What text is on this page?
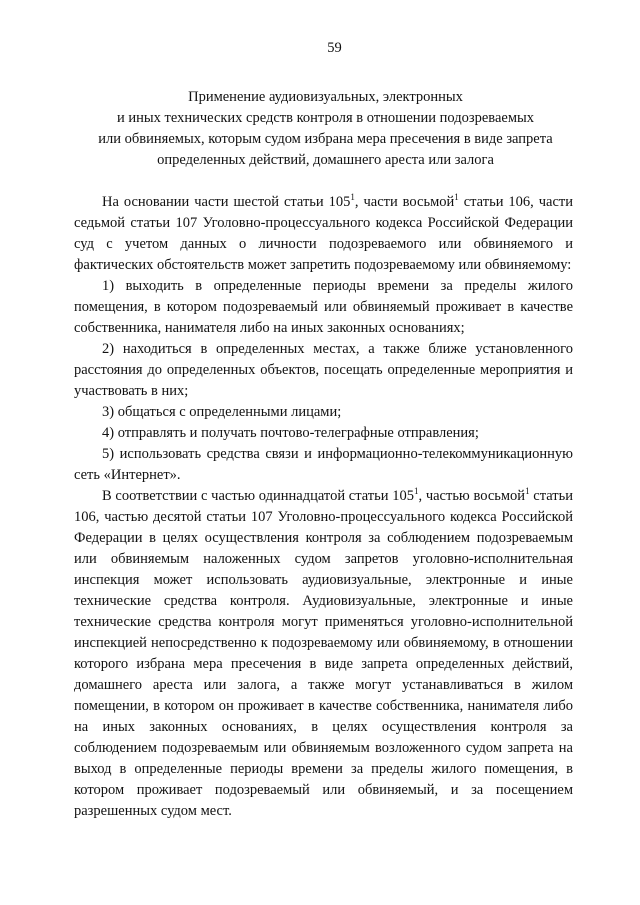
59
Применение аудиовизуальных, электронных
и иных технических средств контроля в отношении подозреваемых
или обвиняемых, которым судом избрана мера пресечения в виде запрета
определенных действий, домашнего ареста или залога

На основании части шестой статьи $105^1$, части восьмой$^1$ статьи 106, части седьмой статьи 107 Уголовно-процессуального кодекса Российской Федерации суд с учетом данных о личности подозреваемого или обвиняемого и фактических обстоятельств может запретить подозреваемому или обвиняемому:

1) выходить в определенные периоды времени за пределы жилого помещения, в котором подозреваемый или обвиняемый проживает в качестве собственника, нанимателя либо на иных законных основаниях;

2) находиться в определенных местах, а также ближе установленного расстояния до определенных объектов, посещать определенные мероприятия и участвовать в них;

3) общаться с определенными лицами;

4) отправлять и получать почтово-телеграфные отправления;

5) использовать средства связи и информационно-телекоммуникационную сеть «Интернет».

В соответствии с частью одиннадцатой статьи $105^1$, частью восьмой$^1$ статьи 106, частью десятой статьи 107 Уголовно-процессуального кодекса Российской Федерации в целях осуществления контроля за соблюдением подозреваемым или обвиняемым наложенных судом запретов уголовно-исполнительная инспекция может использовать аудиовизуальные, электронные и иные технические средства контроля. Аудиовизуальные, электронные и иные технические средства контроля могут применяться уголовно-исполнительной инспекцией непосредственно к подозреваемому или обвиняемому, в отношении которого избрана мера пресечения в виде запрета определенных действий, домашнего ареста или залога, а также могут устанавливаться в жилом помещении, в котором он проживает в качестве собственника, нанимателя либо на иных законных основаниях, в целях осуществления контроля за соблюдением подозреваемым или обвиняемым возложенного судом запрета на выход в определенные периоды времени за пределы жилого помещения, в котором проживает подозреваемый или обвиняемый, и за посещением разрешенных судом мест.
